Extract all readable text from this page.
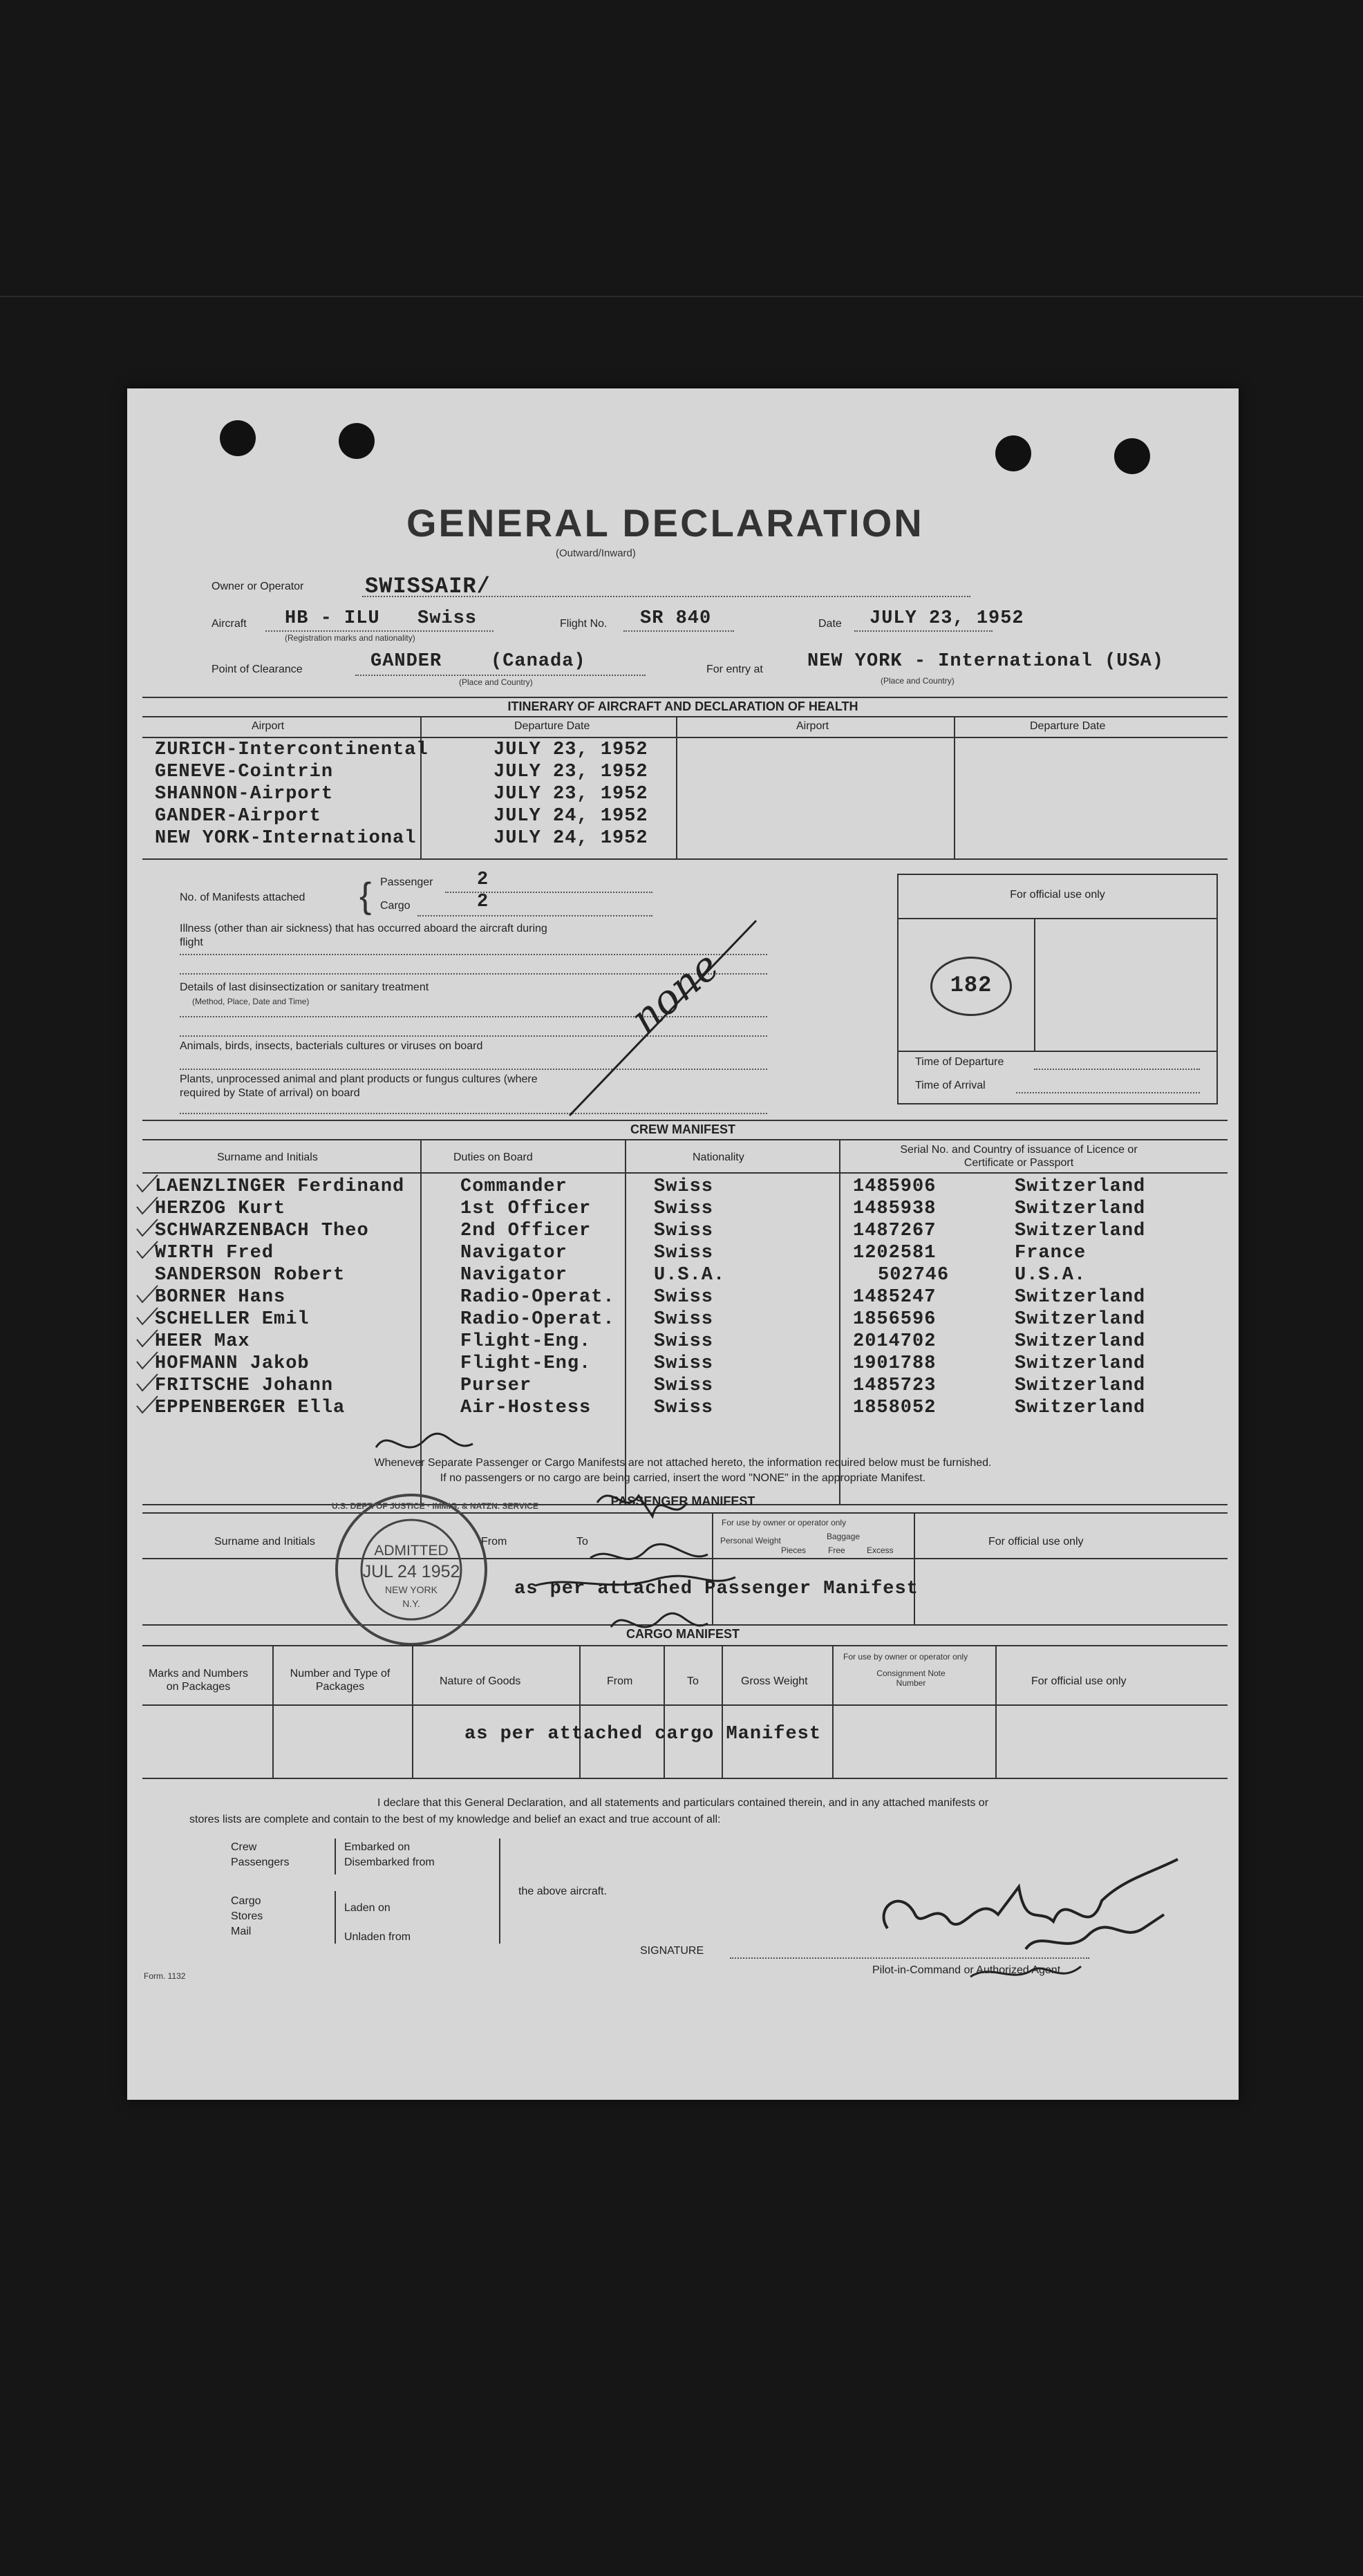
GENERAL DECLARATION
(Outward/Inward)
Owner or Operator	SWISSAIR/
Aircraft HB - ILU Swiss
(Registration marks and nationality)
Flight No. SR 840	Date JULY 23, 1952
Point of Clearance	GANDER	(Canada)
(Place and Country)
For entry at NEW YORK - International (USA)
(Place and Country)
ITINERARY OF AIRCRAFT AND DECLARATION OF HEALTH
Airport	Departure Date	Airport	Departure Date
ZURICH-Intercontinental	JULY 23, 1952
GENEVE-Cointrin	JULY 23, 1952
SHANNON-Airport	JULY 23, 1952
GANDER-Airport	JULY 24, 1952
NEW YORK-International	JULY 24, 1952
No. of Manifests attached { Passenger 2
Cargo	2
Illness (other than air sickness) that has occurred aboard the aircraft during flight
Details of last disinsectization or sanitary treatment
(Method, Place, Date and Time)
Animals, birds, insects, bacterials cultures or viruses on board
Plants, unprocessed animal and plant products or fungus cultures (where required by State of arrival) on board
none
For official use only
182
Time of Departure
Time of Arrival
CREW MANIFEST
Surname and Initials	Duties on Board	Nationality
Serial No. and Country of issuance of Licence or Certificate or Passport
LAENZLINGER Ferdinand	Commander	Swiss	1485906	Switzerland
HERZOG Kurt	1st Officer	Swiss	1485938	Switzerland
SCHWARZENBACH Theo	2nd Officer	Swiss	1487267	Switzerland
WIRTH Fred	Navigator	Swiss	1202581	France
SANDERSON Robert	Navigator	U.S.A.	502746	U.S.A.
BORNER Hans	Radio-Operat. Swiss	1485247	Switzerland
SCHELLER Emil	Radio-Operat. Swiss	1856596	Switzerland
HEER Max	Flight-Eng.	Swiss	2014702	Switzerland
HOFMANN Jakob	Flight-Eng.	Swiss	1901788	Switzerland
FRITSCHE Johann	Purser	Swiss	1485723	Switzerland
EPPENBERGER Ella	Air-Hostess	Swiss	1858052	Switzerland
Whenever Separate Passenger or Cargo Manifests are not attached hereto, the information required below must be furnished.
If no passengers or no cargo are being carried, insert the word "NONE" in the appropriate Manifest.
PASSENGER MANIFEST
Surname and Initials	From	To
For use by owner or operator only
Personal Weight	Baggage
Pieces	Free	Excess
For official use only
as per attached Passenger Manifest
U.S. DEPT. OF JUSTICE · IMMIG. & NATZN. SERVICE
ADMITTED
JUL 24 1952
NEW YORK
N.Y.
CARGO MANIFEST
Marks and Numbers on Packages
Number and Type of Packages	Nature of Goods	From	To	Gross Weight
For use by owner or operator only
Consignment Note Number	For official use only
as per attached cargo Manifest
I declare that this General Declaration, and all statements and particulars contained therein, and in any attached manifests or
stores lists are complete and contain to the best of my knowledge and belief an exact and true account of all:
Crew
Passengers
Cargo
Stores
Mail
Embarked on
Disembarked from
Laden on
Unladen from
the above aircraft.
SIGNATURE
Pilot-in-Command or Authorized Agent.
Form. 1132
